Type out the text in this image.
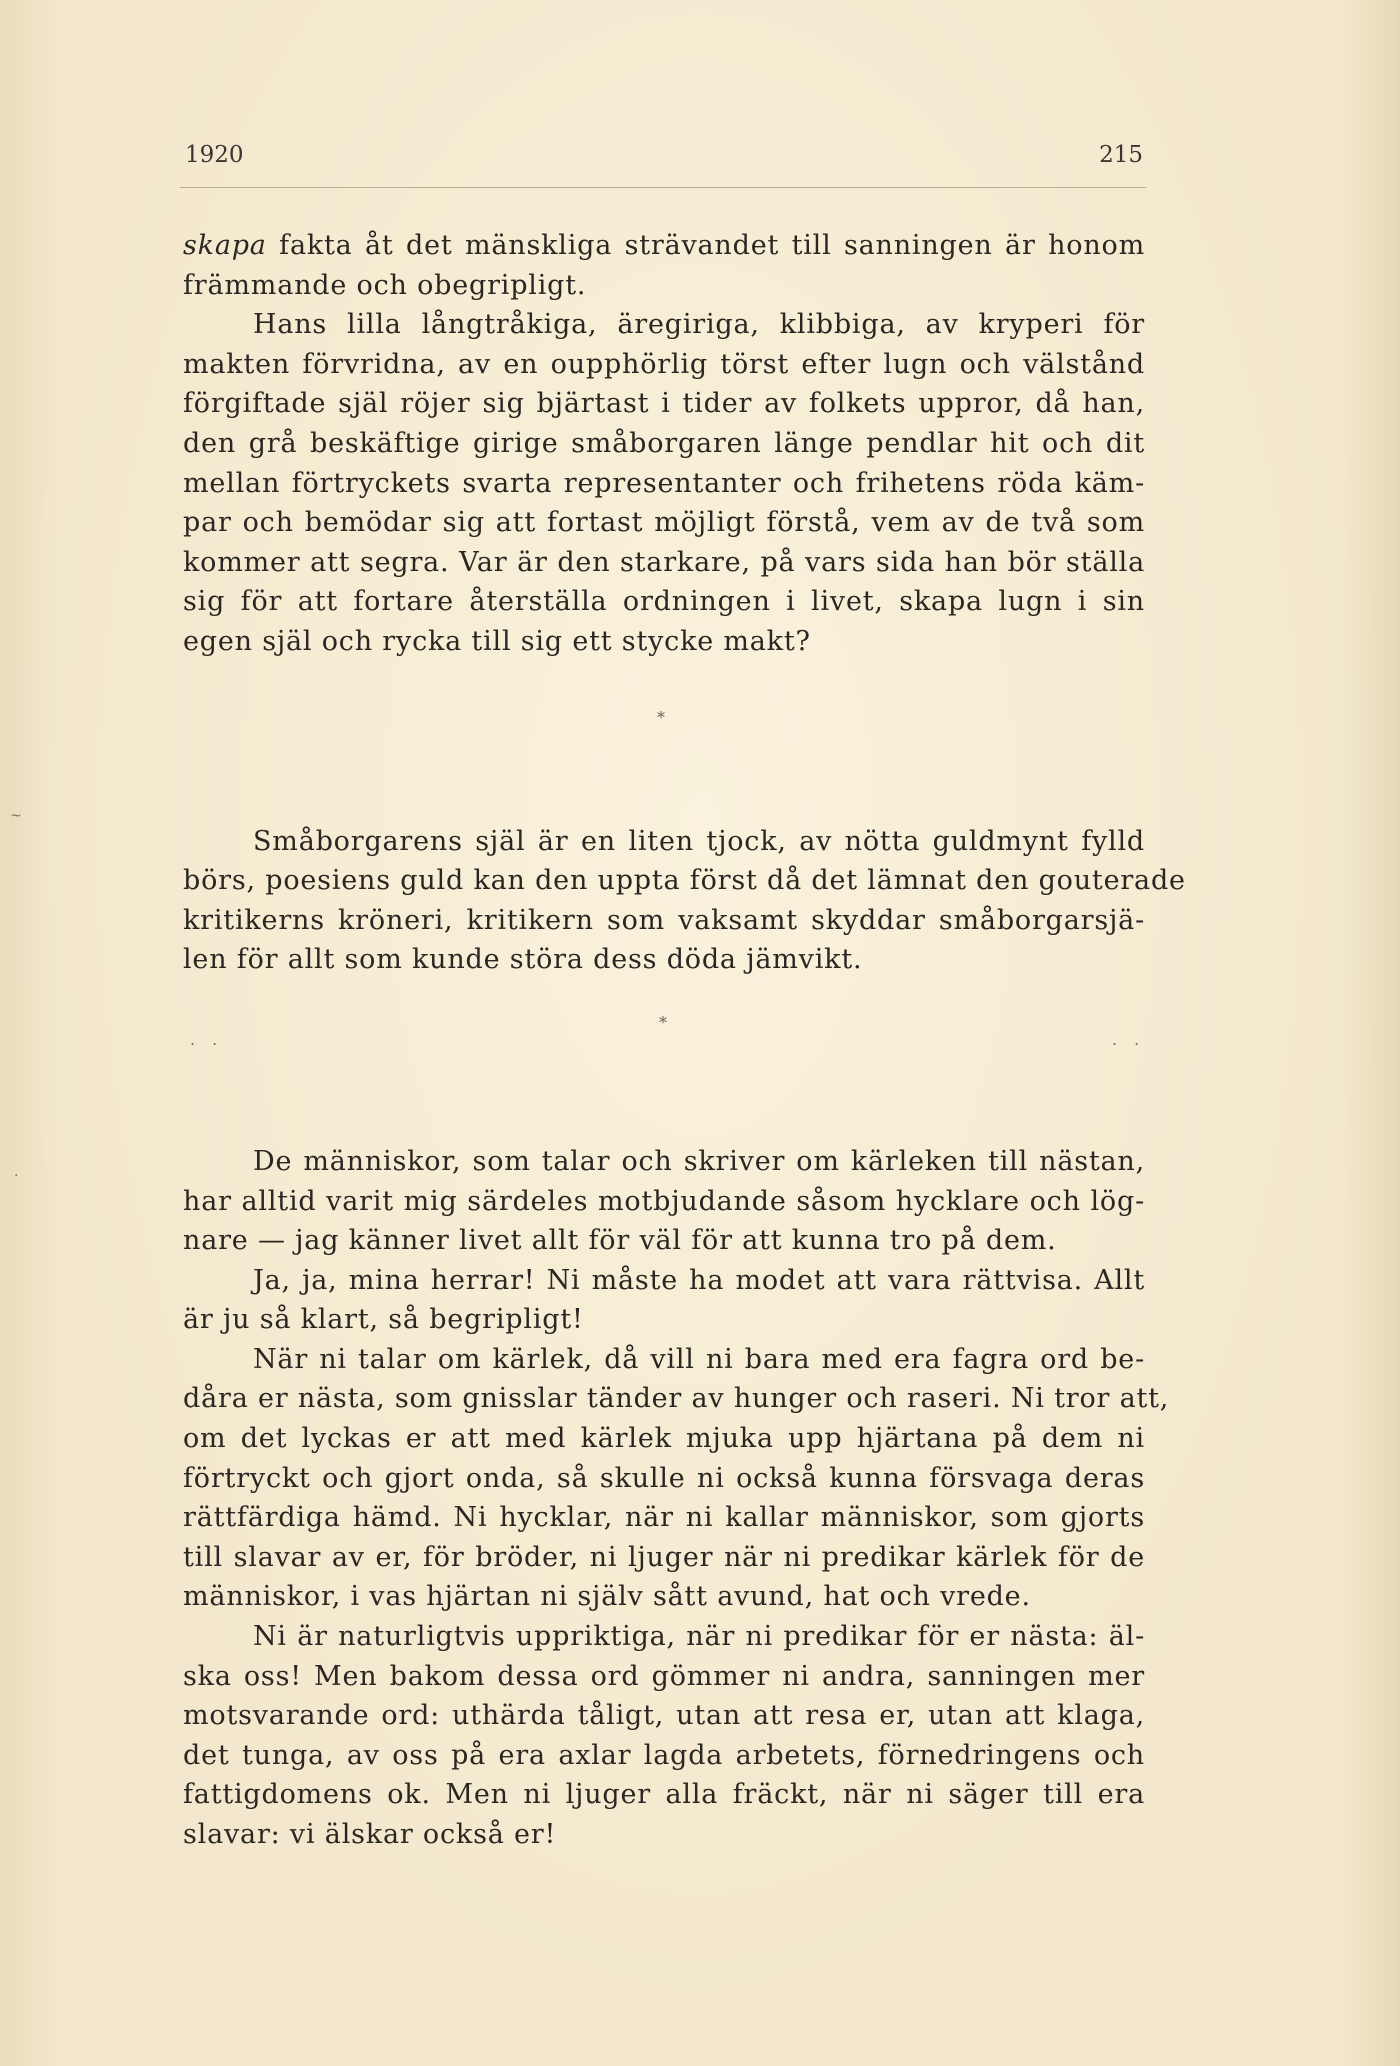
1920	215
~
·
skapa fakta åt det mänskliga strävandet till sanningen är honom
främmande och obegripligt.
Hans lilla långtråkiga, äregiriga, klibbiga, av kryperi för
makten förvridna, av en oupphörlig törst efter lugn och välstånd
förgiftade själ röjer sig bjärtast i tider av folkets uppror, då han,
den grå beskäftige girige småborgaren länge pendlar hit och dit
mellan förtryckets svarta representanter och frihetens röda käm-
par och bemödar sig att fortast möjligt förstå, vem av de två som
kommer att segra. Var är den starkare, på vars sida han bör ställa
sig för att fortare återställa ordningen i livet, skapa lugn i sin
egen själ och rycka till sig ett stycke makt?
Småborgarens själ är en liten tjock, av nötta guldmynt fylld
börs, poesiens guld kan den uppta först då det lämnat den gouterade
kritikerns kröneri, kritikern som vaksamt skyddar småborgarsjä-
len för allt som kunde störa dess döda jämvikt.
De människor, som talar och skriver om kärleken till nästan,
har alltid varit mig särdeles motbjudande såsom hycklare och lög-
nare — jag känner livet allt för väl för att kunna tro på dem.
Ja, ja, mina herrar! Ni måste ha modet att vara rättvisa. Allt
är ju så klart, så begripligt!
När ni talar om kärlek, då vill ni bara med era fagra ord be-
dåra er nästa, som gnisslar tänder av hunger och raseri. Ni tror att,
om det lyckas er att med kärlek mjuka upp hjärtana på dem ni
förtryckt och gjort onda, så skulle ni också kunna försvaga deras
rättfärdiga hämd. Ni hycklar, när ni kallar människor, som gjorts
till slavar av er, för bröder, ni ljuger när ni predikar kärlek för de
människor, i vas hjärtan ni själv sått avund, hat och vrede.
Ni är naturligtvis uppriktiga, när ni predikar för er nästa: äl-
ska oss! Men bakom dessa ord gömmer ni andra, sanningen mer
motsvarande ord: uthärda tåligt, utan att resa er, utan att klaga,
det tunga, av oss på era axlar lagda arbetets, förnedringens och
fattigdomens ok. Men ni ljuger alla fräckt, när ni säger till era
slavar: vi älskar också er!
*
*
. .	. .
